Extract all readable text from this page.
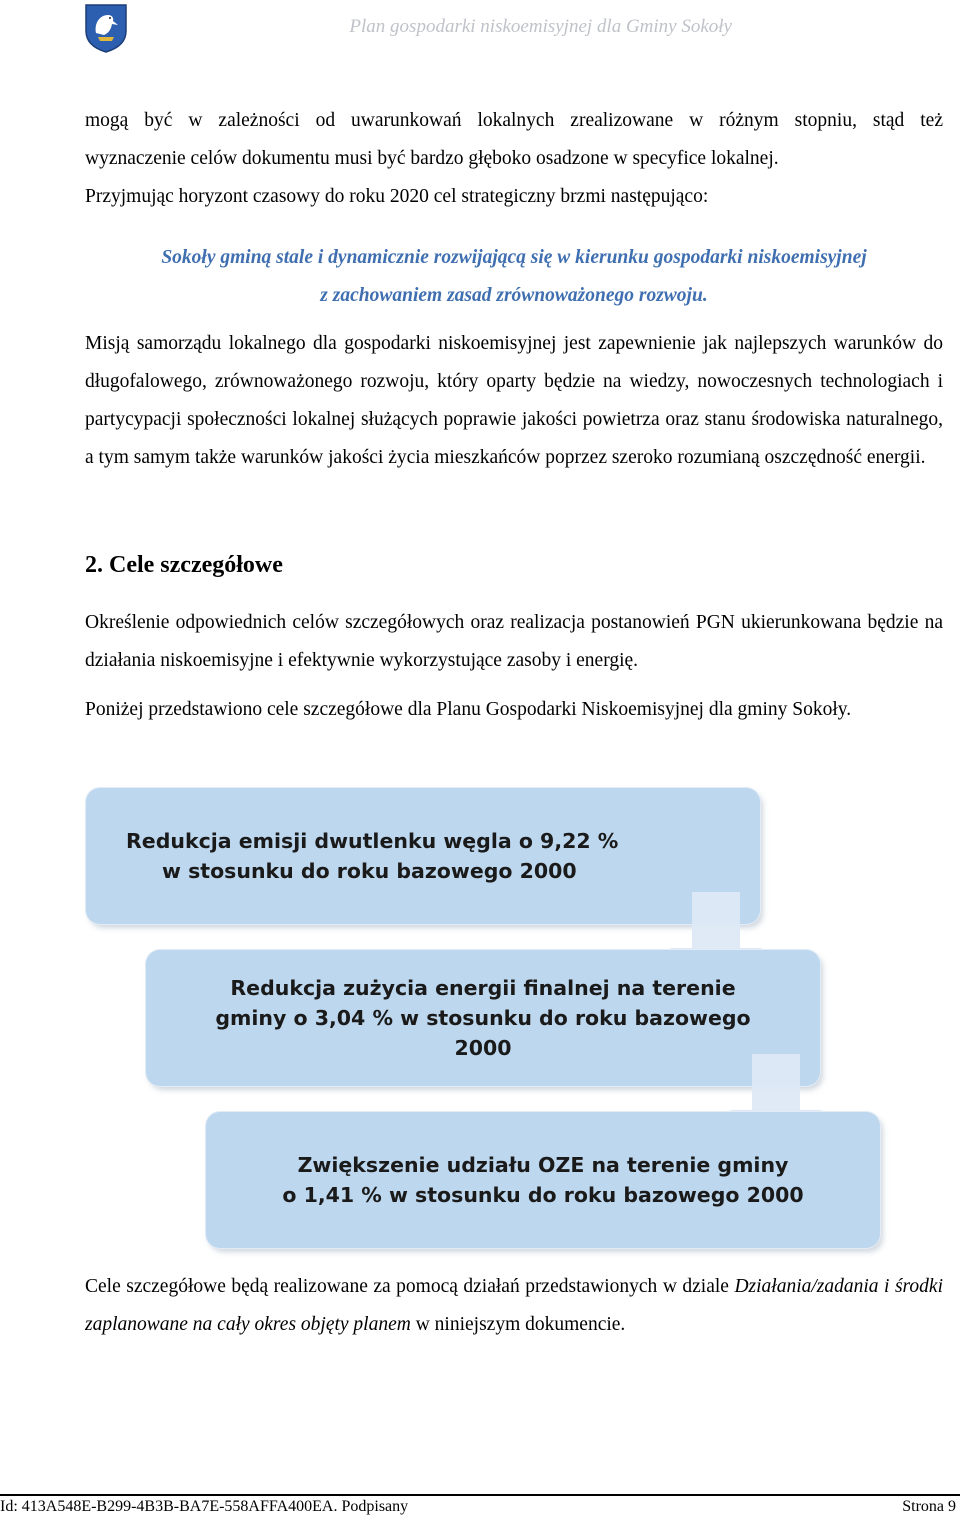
Plan gospodarki niskoemisyjnej dla Gminy Sokoły
mogą być w zależności od uwarunkowań lokalnych zrealizowane w różnym stopniu, stąd też
wyznaczenie celów dokumentu musi być bardzo głęboko osadzone w specyfice lokalnej.
Przyjmując horyzont czasowy do roku 2020 cel strategiczny brzmi następująco:
Sokoły gminą stale i dynamicznie rozwijającą się w kierunku gospodarki niskoemisyjnej
z zachowaniem zasad zrównoważonego rozwoju.
Misją samorządu lokalnego dla gospodarki niskoemisyjnej jest zapewnienie jak najlepszych warunków do długofalowego, zrównoważonego rozwoju, który oparty będzie na wiedzy, nowoczesnych technologiach i partycypacji społeczności lokalnej służących poprawie jakości powietrza oraz stanu środowiska naturalnego, a tym samym także warunków jakości życia mieszkańców poprzez szeroko rozumianą oszczędność energii.
2. Cele szczegółowe
Określenie odpowiednich celów szczegółowych oraz realizacja postanowień PGN ukierunkowana będzie na działania niskoemisyjne i efektywnie wykorzystujące zasoby i energię.
Poniżej przedstawiono cele szczegółowe dla Planu Gospodarki Niskoemisyjnej dla gminy Sokoły.
Redukcja emisji dwutlenku węgla o 9,22 %
w stosunku do roku bazowego 2000
Redukcja zużycia energii finalnej na terenie
gminy o 3,04 % w stosunku do roku bazowego
2000
Zwiększenie udziału OZE na terenie gminy
o 1,41 % w stosunku do roku bazowego 2000
Cele szczegółowe będą realizowane za pomocą działań przedstawionych w dziale Działania/zadania i środki zaplanowane na cały okres objęty planem w niniejszym dokumencie.
Id: 413A548E-B299-4B3B-BA7E-558AFFA400EA. Podpisany	Strona 9
